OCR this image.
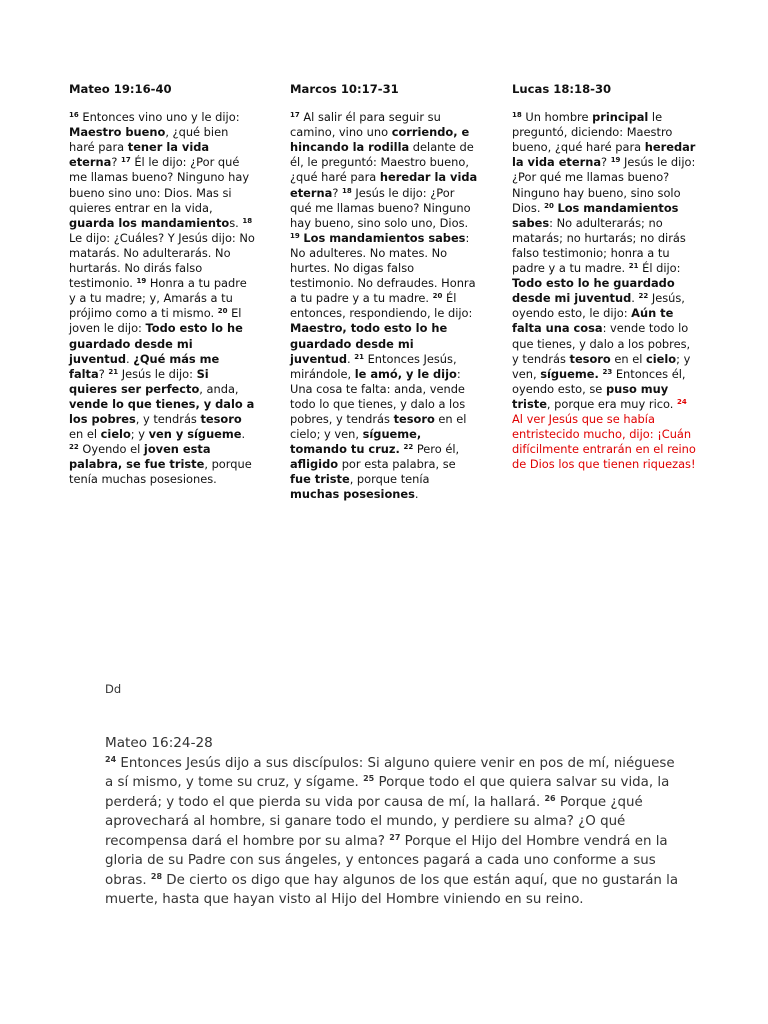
Mateo 19:16-40

$^{16}$ Entonces vino uno y le dijo: Maestro bueno, ¿qué bien haré para tener la vida eterna? $^{17}$ Él le dijo: ¿Por qué me llamas bueno? Ninguno hay bueno sino uno: Dios. Mas si quieres entrar en la vida, guarda los mandamientos. $^{18}$ Le dijo: ¿Cuáles? Y Jesús dijo: No matarás. No adulterarás. No hurtarás. No dirás falso testimonio. $^{19}$ Honra a tu padre y a tu madre; y, Amarás a tu prójimo como a ti mismo. $^{20}$ El joven le dijo: Todo esto lo he guardado desde mi juventud. ¿Qué más me falta? $^{21}$ Jesús le dijo: Si quieres ser perfecto, anda, vende lo que tienes, y dalo a los pobres, y tendrás tesoro en el cielo; y ven y sígueme. $^{22}$ Oyendo el joven esta palabra, se fue triste, porque tenía muchas posesiones.

Marcos 10:17-31

$^{17}$ Al salir él para seguir su camino, vino uno corriendo, e hincando la rodilla delante de él, le preguntó: Maestro bueno, ¿qué haré para heredar la vida eterna? $^{18}$ Jesús le dijo: ¿Por qué me llamas bueno? Ninguno hay bueno, sino solo uno, Dios. $^{19}$ Los mandamientos sabes: No adulteres. No mates. No hurtes. No digas falso testimonio. No defraudes. Honra a tu padre y a tu madre. $^{20}$ Él entonces, respondiendo, le dijo: Maestro, todo esto lo he guardado desde mi juventud. $^{21}$ Entonces Jesús, mirándole, le amó, y le dijo: Una cosa te falta: anda, vende todo lo que tienes, y dalo a los pobres, y tendrás tesoro en el cielo; y ven, sígueme, tomando tu cruz. $^{22}$ Pero él, afligido por esta palabra, se fue triste, porque tenía muchas posesiones.

Lucas 18:18-30

$^{18}$ Un hombre principal le preguntó, diciendo: Maestro bueno, ¿qué haré para heredar la vida eterna? $^{19}$ Jesús le dijo: ¿Por qué me llamas bueno? Ninguno hay bueno, sino solo Dios. $^{20}$ Los mandamientos sabes: No adulterarás; no matarás; no hurtarás; no dirás falso testimonio; honra a tu padre y a tu madre. $^{21}$ Él dijo: Todo esto lo he guardado desde mi juventud. $^{22}$ Jesús, oyendo esto, le dijo: Aún te falta una cosa: vende todo lo que tienes, y dalo a los pobres, y tendrás tesoro en el cielo; y ven, sígueme. $^{23}$ Entonces él, oyendo esto, se puso muy triste, porque era muy rico. $^{24}$ Al ver Jesús que se había entristecido mucho, dijo: ¡Cuán difícilmente entrarán en el reino de Dios los que tienen riquezas!

Dd

Mateo 16:24-28

$^{24}$ Entonces Jesús dijo a sus discípulos: Si alguno quiere venir en pos de mí, niéguese a sí mismo, y tome su cruz, y sígame. $^{25}$ Porque todo el que quiera salvar su vida, la perderá; y todo el que pierda su vida por causa de mí, la hallará. $^{26}$ Porque ¿qué aprovechará al hombre, si ganare todo el mundo, y perdiere su alma? ¿O qué recompensa dará el hombre por su alma? $^{27}$ Porque el Hijo del Hombre vendrá en la gloria de su Padre con sus ángeles, y entonces pagará a cada uno conforme a sus obras. $^{28}$ De cierto os digo que hay algunos de los que están aquí, que no gustarán la muerte, hasta que hayan visto al Hijo del Hombre viniendo en su reino.
